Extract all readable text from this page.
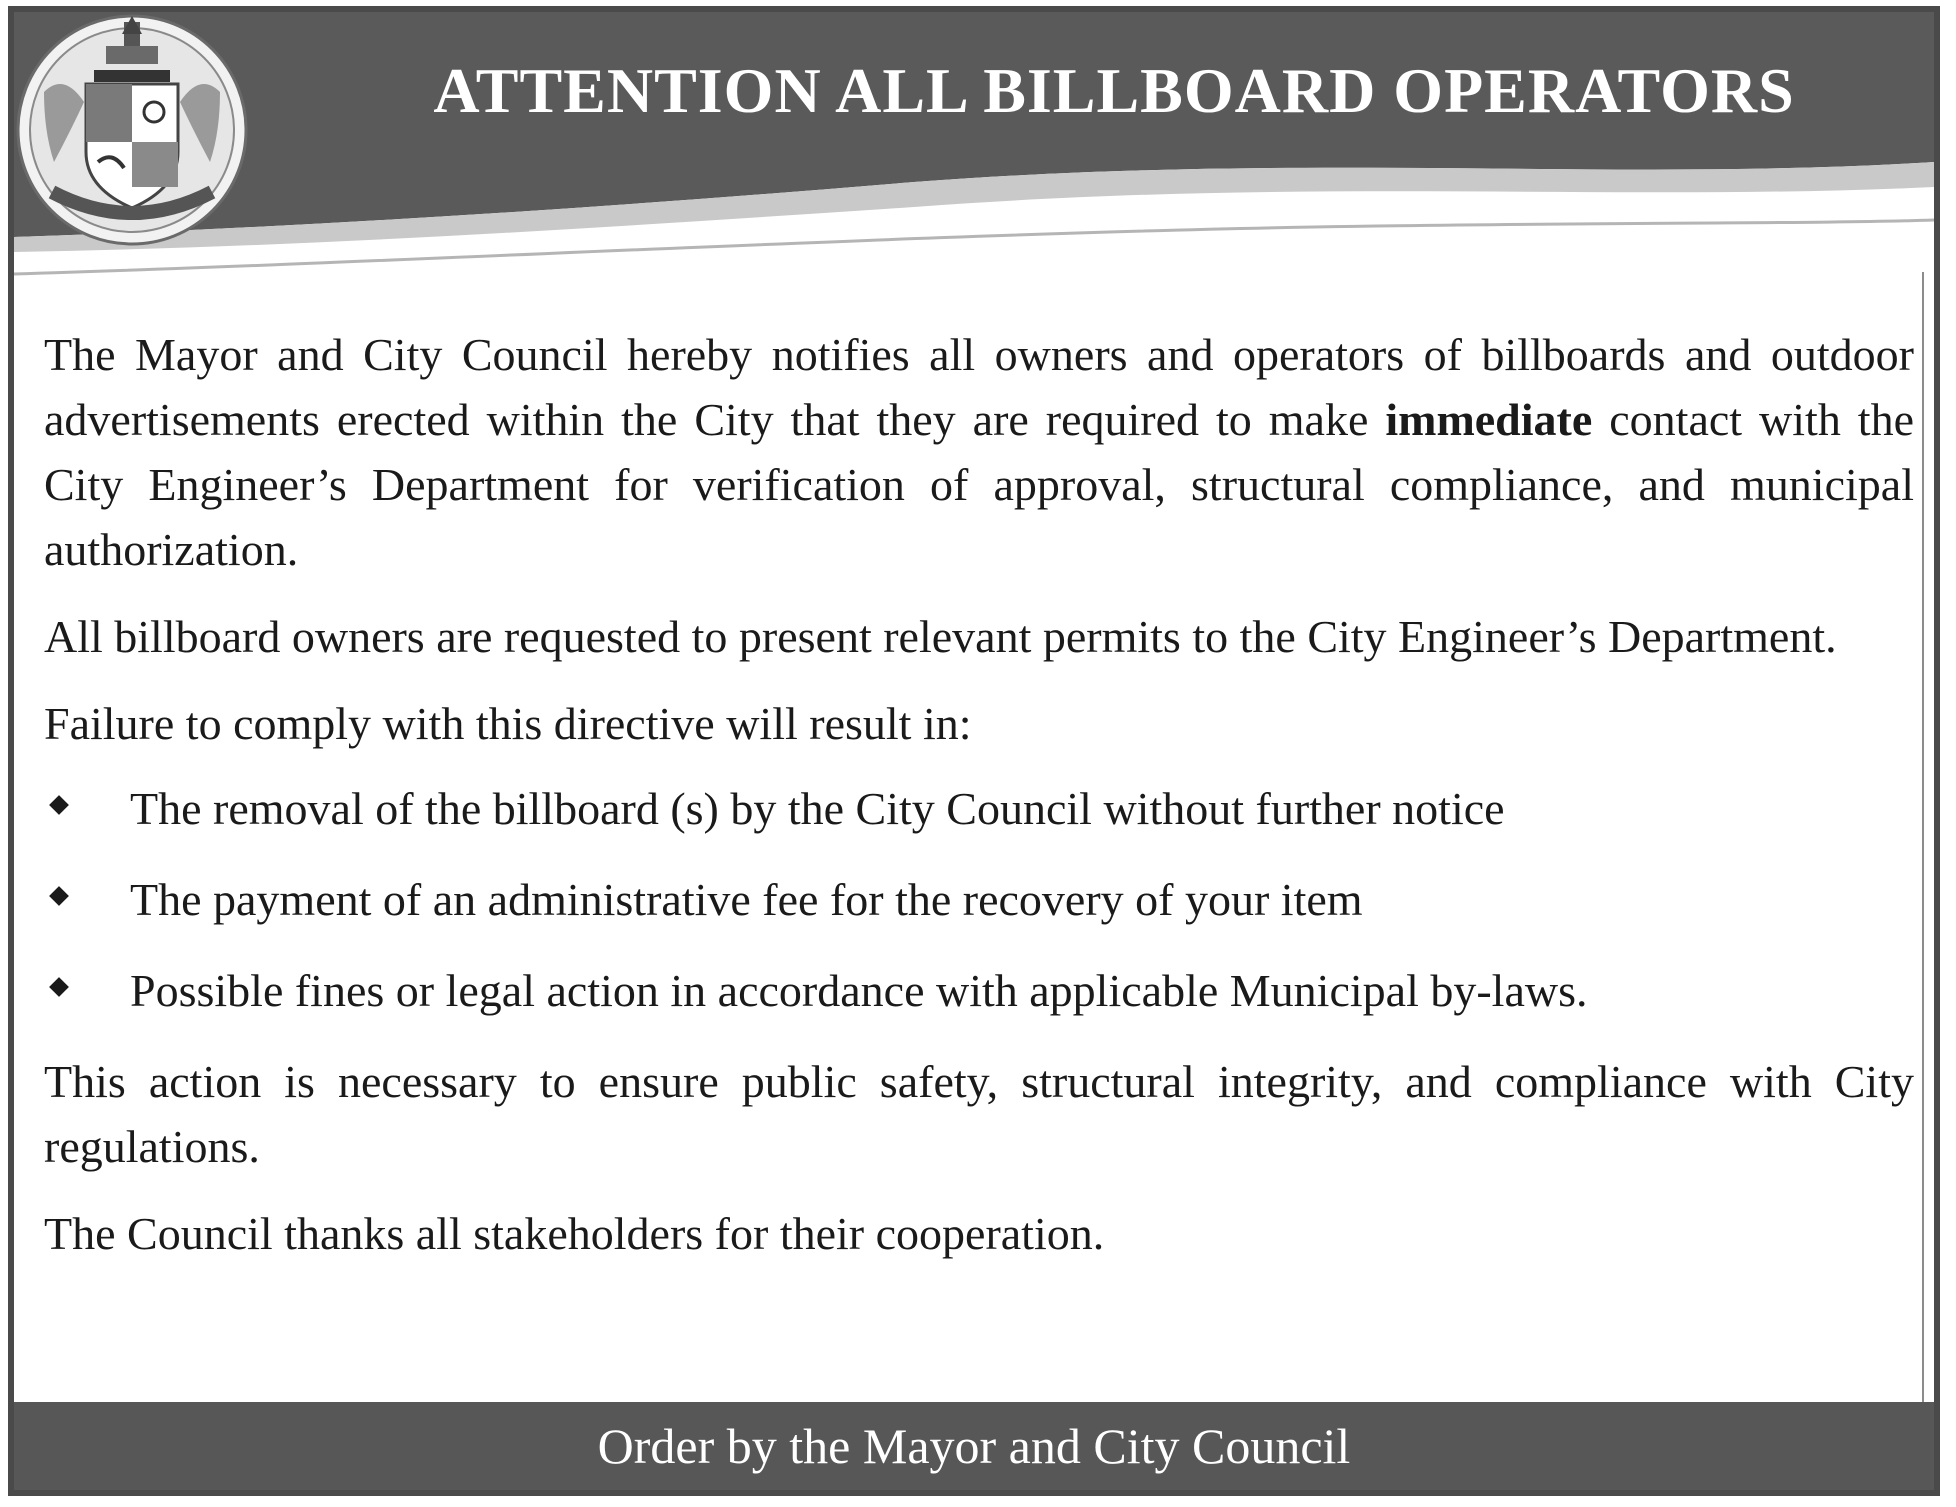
ATTENTION ALL BILLBOARD OPERATORS

The Mayor and City Council hereby notifies all owners and operators of billboards and outdoor advertisements erected within the City that they are required to make immediate contact with the City Engineer’s Department for verification of approval, structural compliance, and municipal authorization.

All billboard owners are requested to present relevant permits to the City Engineer’s Department.

Failure to comply with this directive will result in:

The removal of the billboard (s) by the City Council without further notice
The payment of an administrative fee for the recovery of your item
Possible fines or legal action in accordance with applicable Municipal by-laws.

This action is necessary to ensure public safety, structural integrity, and compliance with City regulations.

The Council thanks all stakeholders for their cooperation.

Order by the Mayor and City Council
